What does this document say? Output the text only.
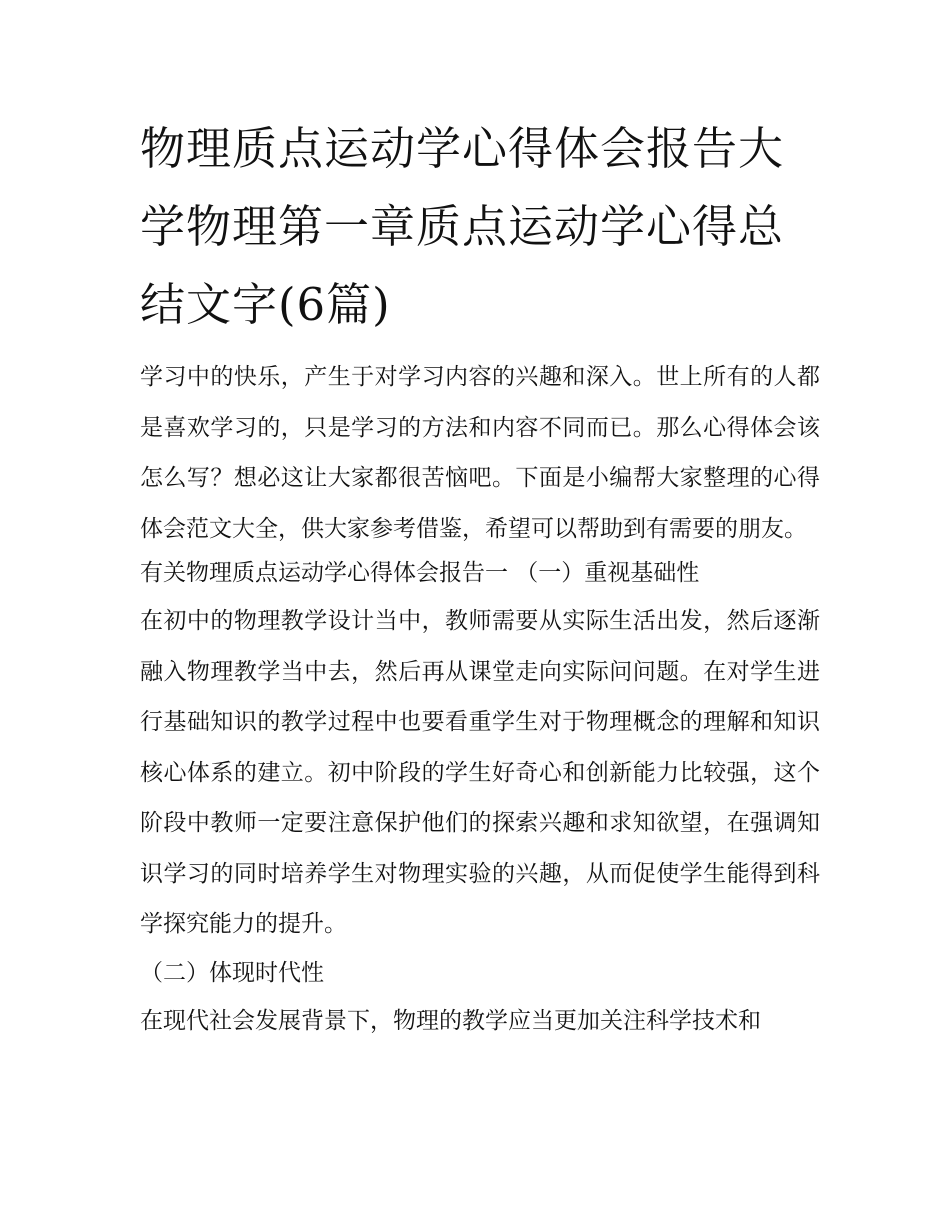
物理质点运动学心得体会报告大学物理第一章质点运动学心得总结文字(6篇)

学习中的快乐，产生于对学习内容的兴趣和深入。世上所有的人都是喜欢学习的，只是学习的方法和内容不同而已。那么心得体会该怎么写？想必这让大家都很苦恼吧。下面是小编帮大家整理的心得体会范文大全，供大家参考借鉴，希望可以帮助到有需要的朋友。

有关物理质点运动学心得体会报告一 （一）重视基础性

在初中的物理教学设计当中，教师需要从实际生活出发，然后逐渐融入物理教学当中去，然后再从课堂走向实际问问题。在对学生进行基础知识的教学过程中也要看重学生对于物理概念的理解和知识核心体系的建立。初中阶段的学生好奇心和创新能力比较强，这个阶段中教师一定要注意保护他们的探索兴趣和求知欲望，在强调知识学习的同时培养学生对物理实验的兴趣，从而促使学生能得到科学探究能力的提升。

（二）体现时代性

在现代社会发展背景下，物理的教学应当更加关注科学技术和
